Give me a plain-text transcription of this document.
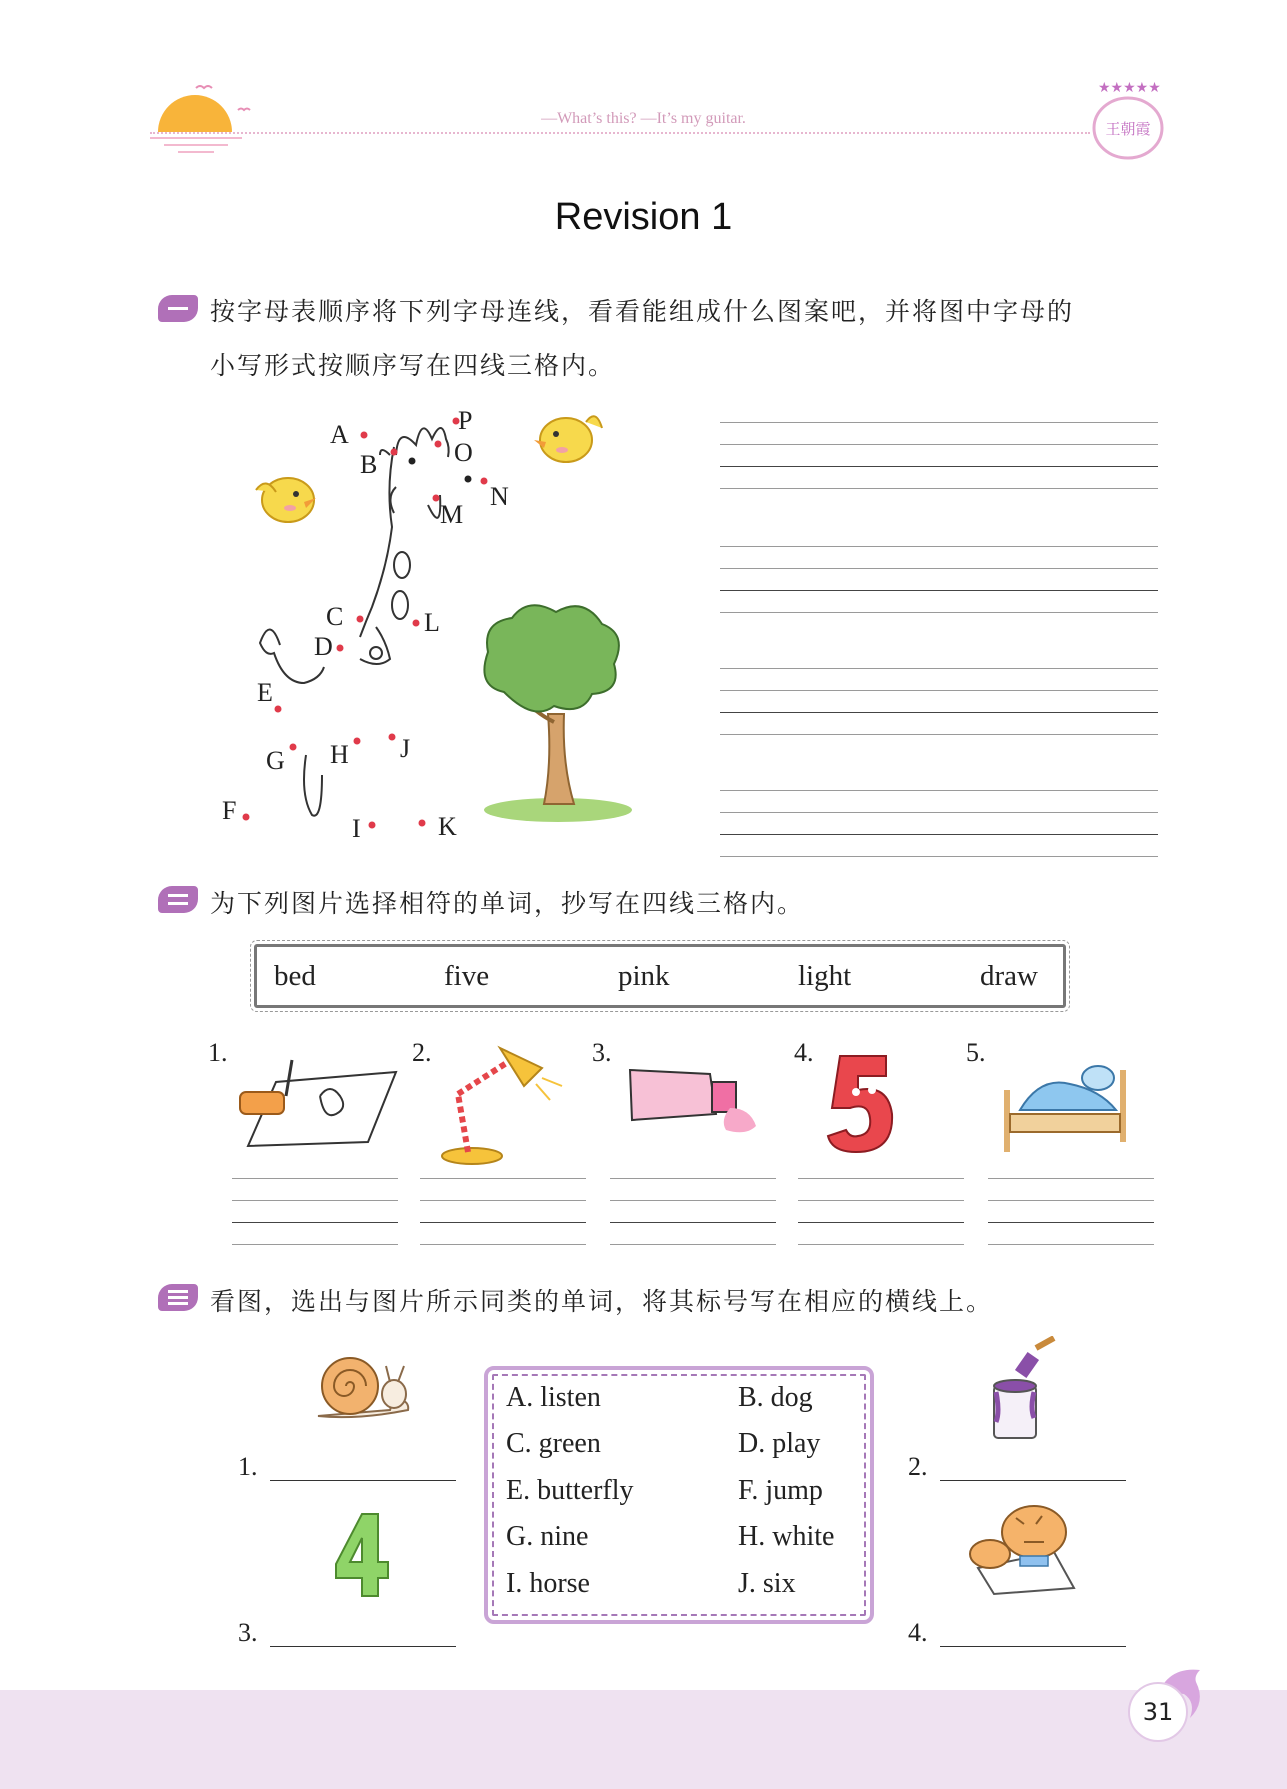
—What’s this? —It’s my guitar.
★★★★★
王朝霞
Revision 1
按字母表顺序将下列字母连线，看看能组成什么图案吧，并将图中字母的
小写形式按顺序写在四线三格内。
A
B
C
D
E
F
G H
I
J
K
L
M
N
O
P
为下列图片选择相符的单词，抄写在四线三格内。
bed	five	pink	light	draw
1.	2.	3.	4.	5.
看图，选出与图片所示同类的单词，将其标号写在相应的横线上。
A. listen	B. dog
C. green	D. play
E. butterfly	F. jump
G. nine	H. white
I. horse	J. six
1.	2.
3.	4.
31
